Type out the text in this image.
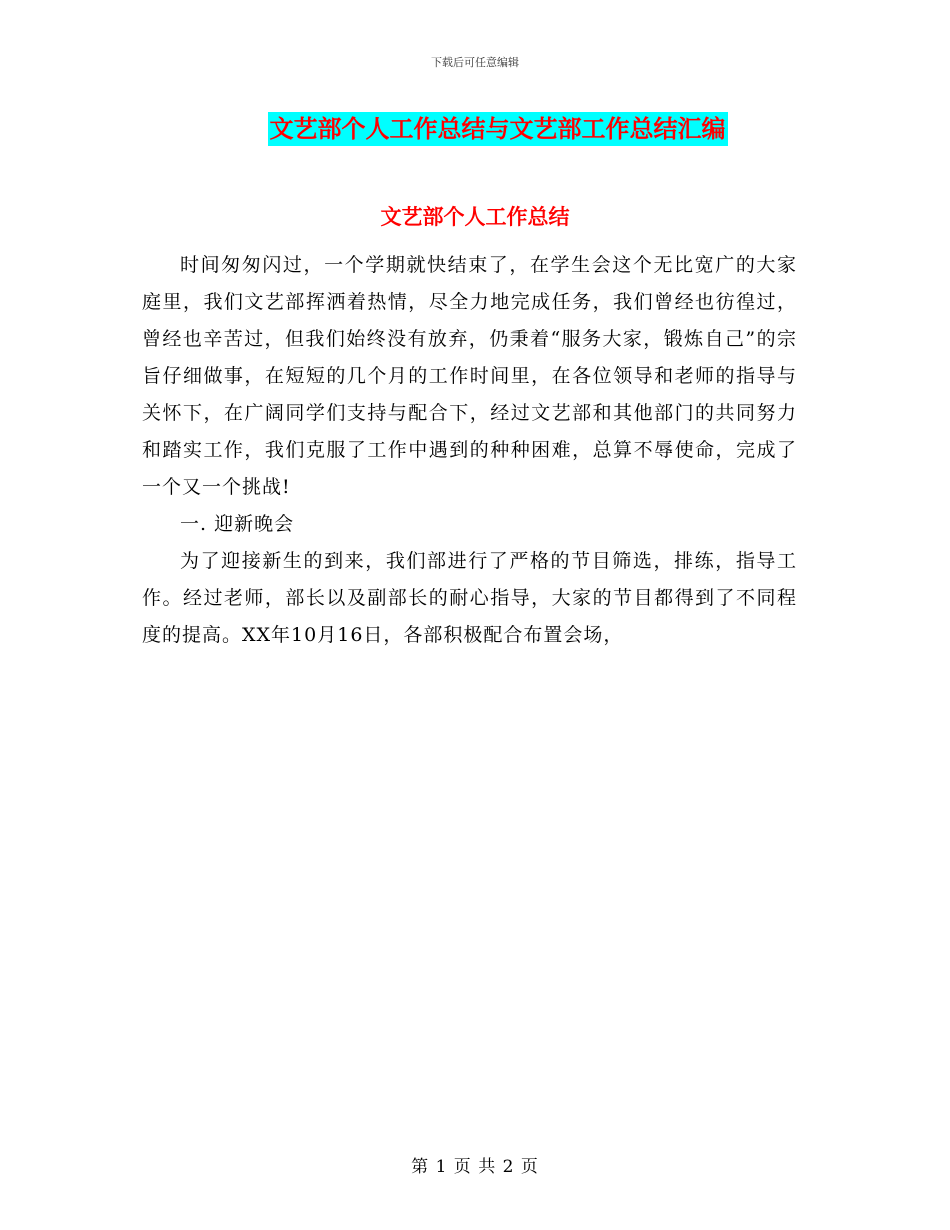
下载后可任意编辑
文艺部个人工作总结与文艺部工作总结汇编
文艺部个人工作总结

时间匆匆闪过，一个学期就快结束了，在学生会这个无比宽广的大家庭里，我们文艺部挥洒着热情，尽全力地完成任务，我们曾经也彷徨过，曾经也辛苦过，但我们始终没有放弃，仍秉着“服务大家，锻炼自己”的宗旨仔细做事，在短短的几个月的工作时间里，在各位领导和老师的指导与关怀下，在广阔同学们支持与配合下，经过文艺部和其他部门的共同努力和踏实工作，我们克服了工作中遇到的种种困难，总算不辱使命，完成了一个又一个挑战!

一. 迎新晚会

为了迎接新生的到来，我们部进行了严格的节目筛选，排练，指导工作。经过老师，部长以及副部长的耐心指导，大家的节目都得到了不同程度的提高。XX年10月16日，各部积极配合布置会场，

第 1 页 共 2 页
